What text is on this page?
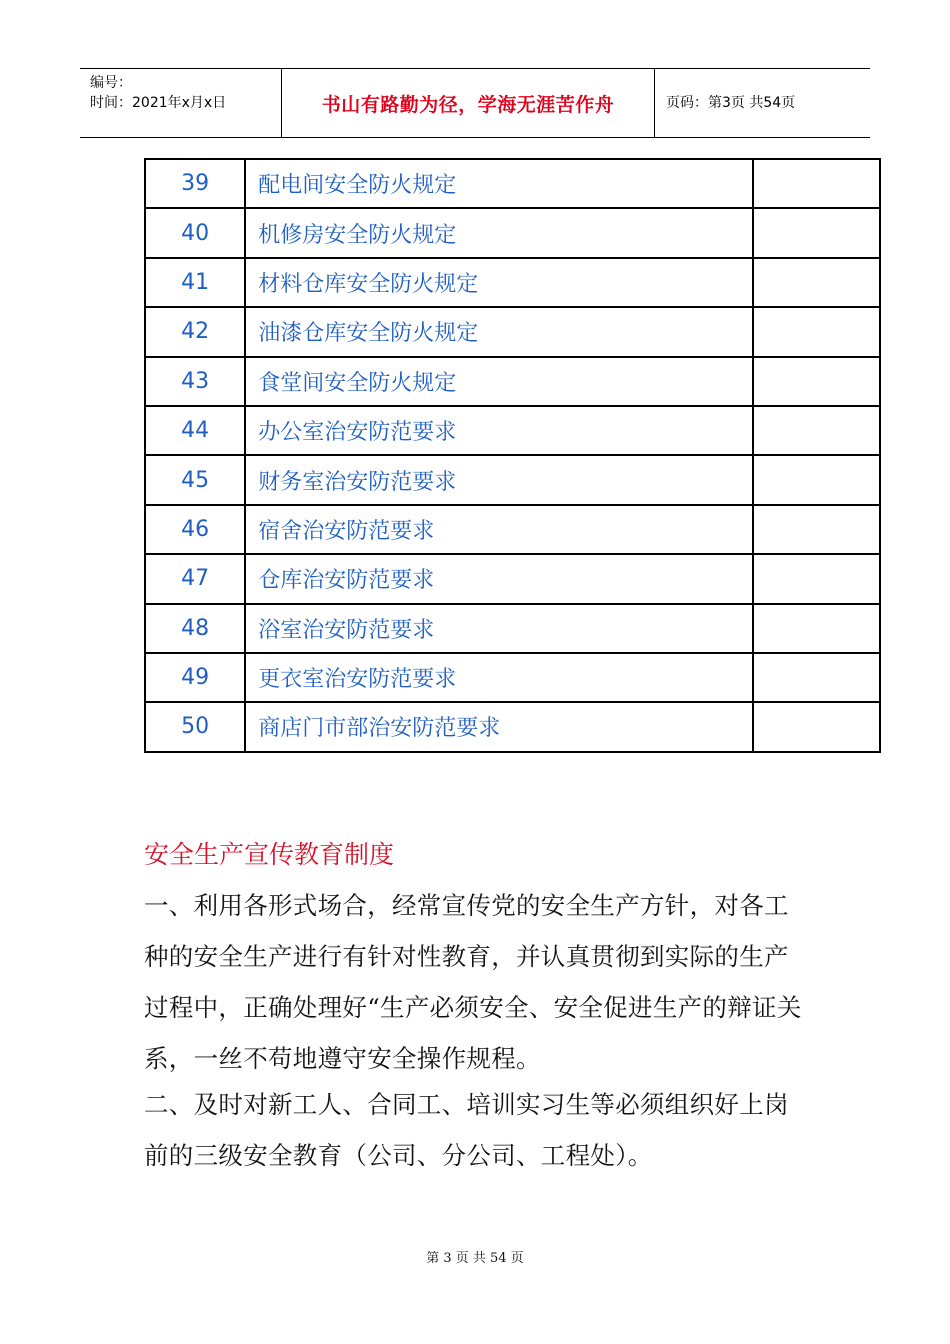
编号：
时间：2021年x月x日	书山有路勤为径，学海无涯苦作舟	页码：第3页 共54页
39	配电间安全防火规定	
40	机修房安全防火规定	
41	材料仓库安全防火规定	
42	油漆仓库安全防火规定	
43	食堂间安全防火规定	
44	办公室治安防范要求	
45	财务室治安防范要求	
46	宿舍治安防范要求	
47	仓库治安防范要求	
48	浴室治安防范要求	
49	更衣室治安防范要求	
50	商店门市部治安防范要求	
安全生产宣传教育制度
一、利用各形式场合，经常宣传党的安全生产方针，对各工种的安全生产进行有针对性教育，并认真贯彻到实际的生产过程中，正确处理好“生产必须安全、安全促进生产的辩证关系，一丝不苟地遵守安全操作规程。
二、及时对新工人、合同工、培训实习生等必须组织好上岗前的三级安全教育（公司、分公司、工程处）。
第 3 页 共 54 页
